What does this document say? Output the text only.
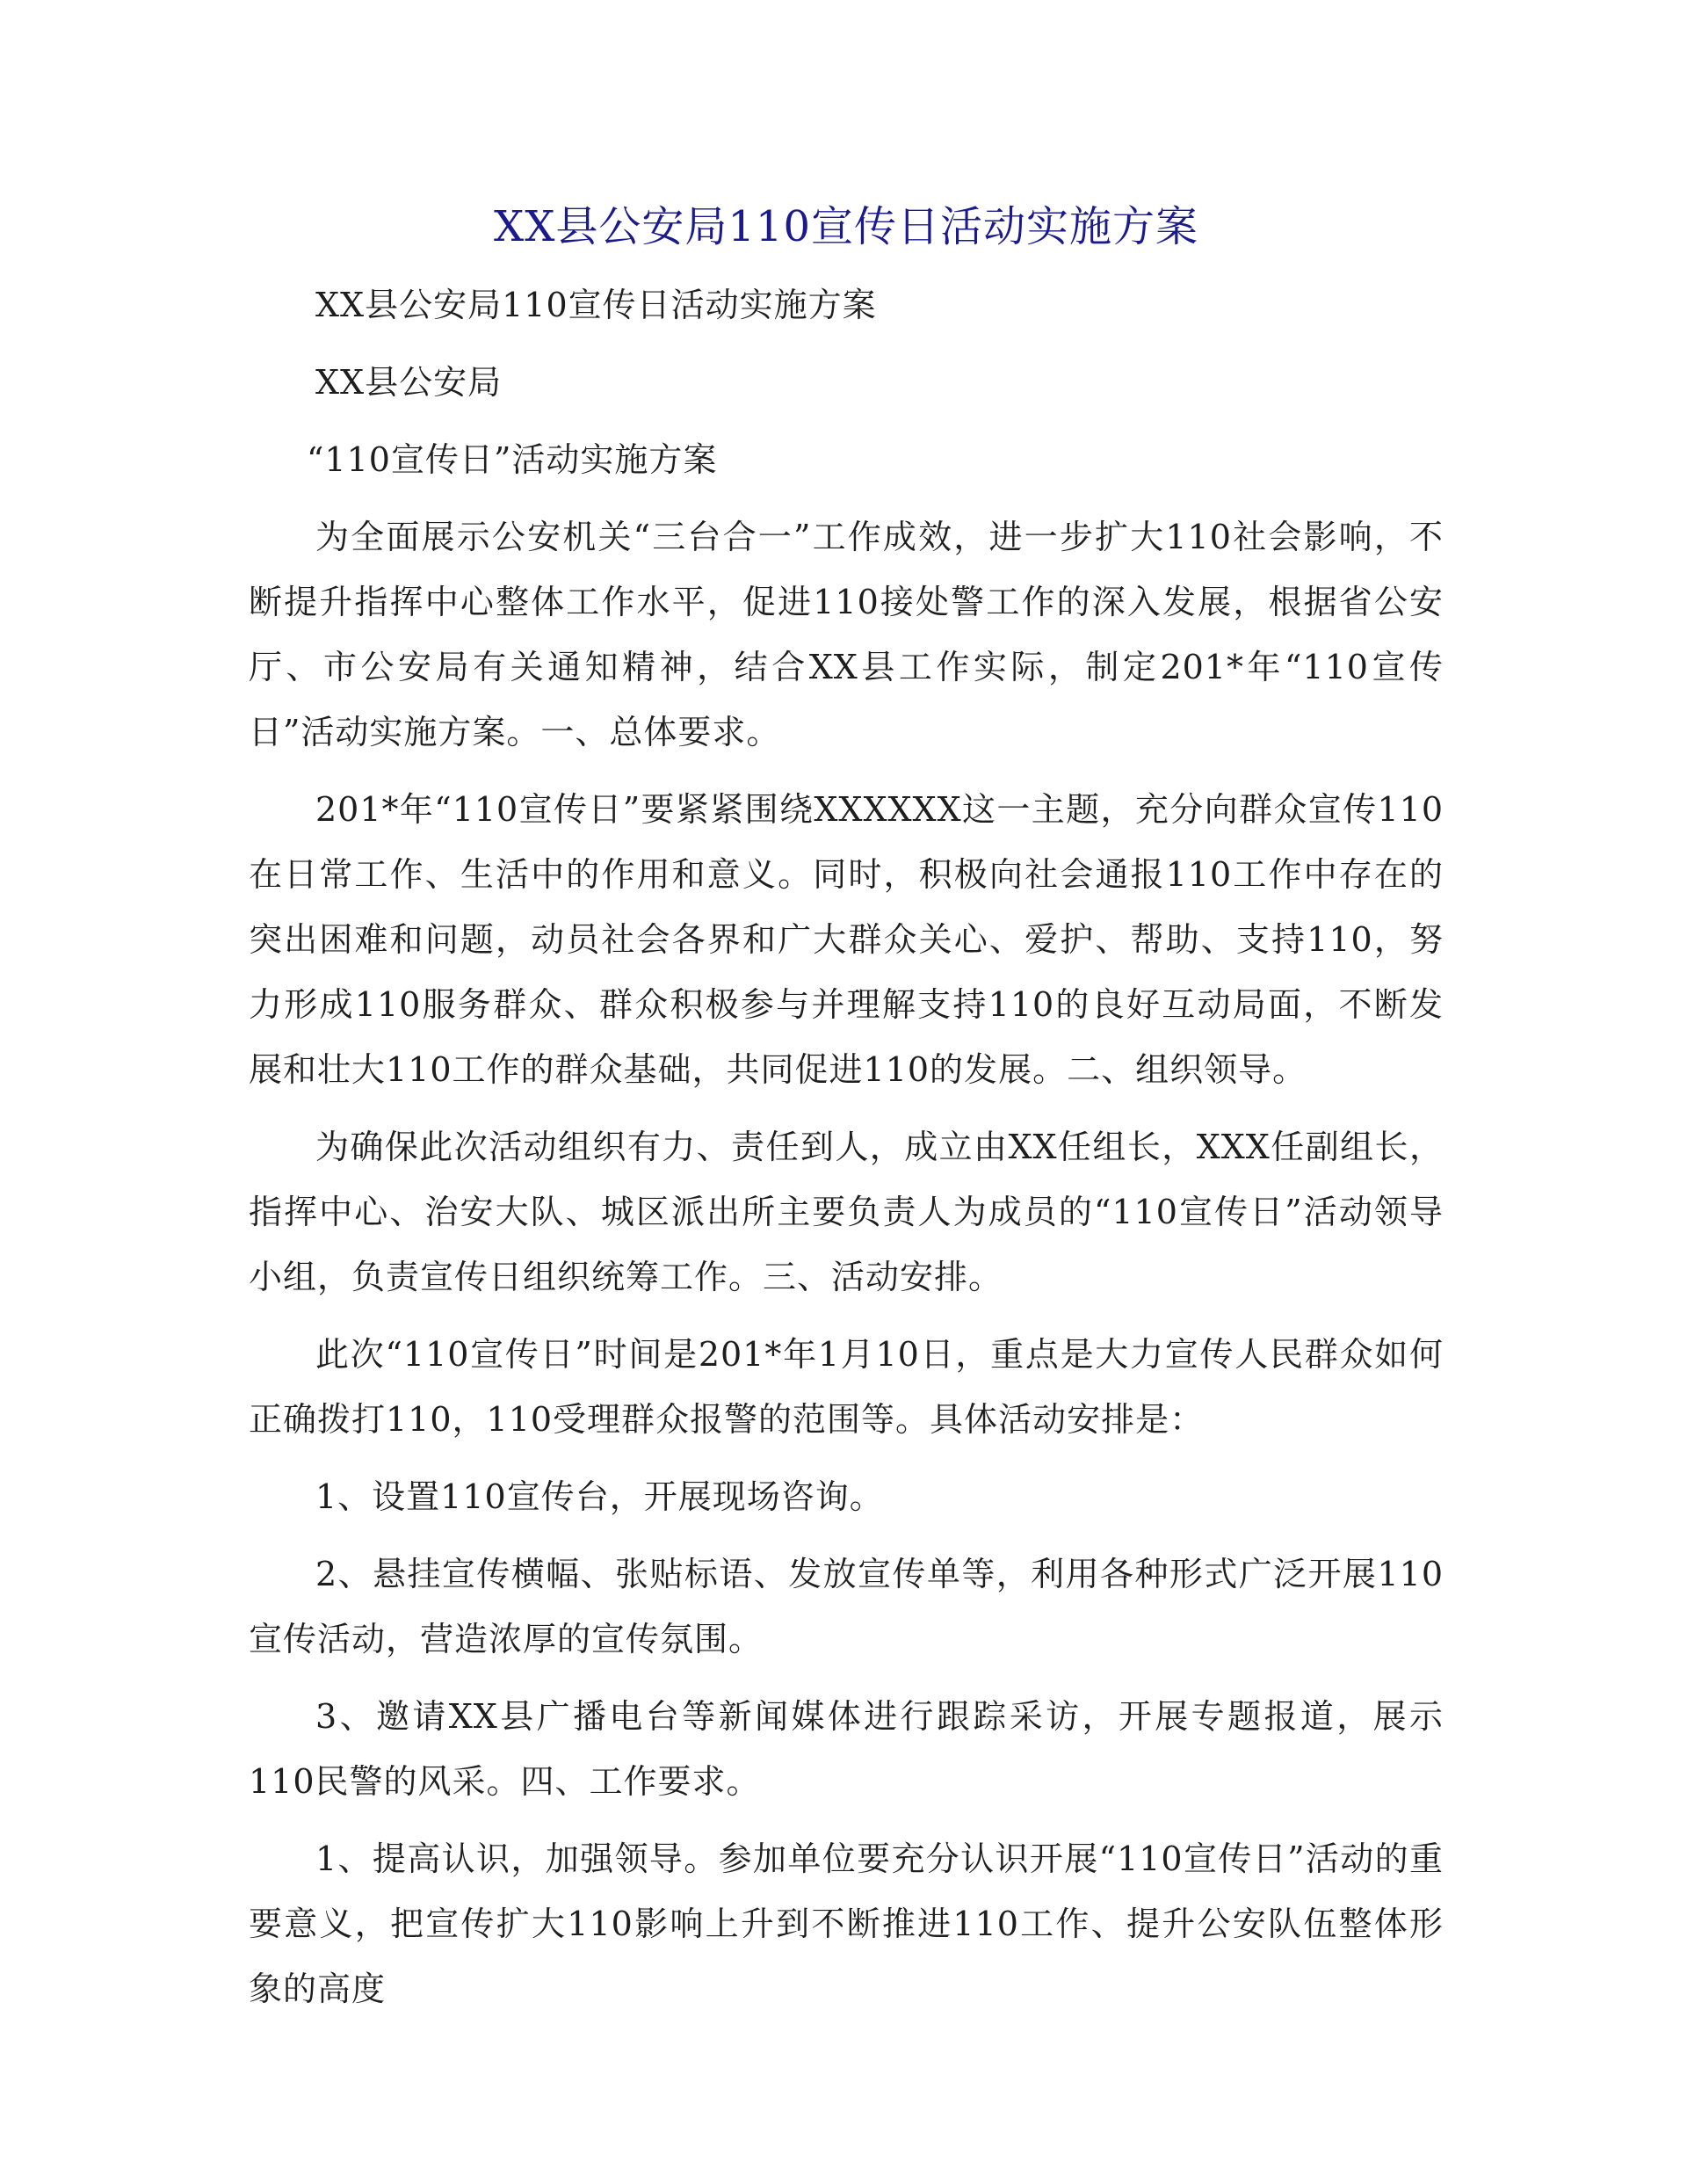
XX县公安局110宣传日活动实施方案

XX县公安局110宣传日活动实施方案

XX县公安局

“110宣传日”活动实施方案

为全面展示公安机关“三台合一”工作成效，进一步扩大110社会影响，不断提升指挥中心整体工作水平，促进110接处警工作的深入发展，根据省公安厅、市公安局有关通知精神，结合XX县工作实际，制定201*年“110宣传日”活动实施方案。一、总体要求。

201*年“110宣传日”要紧紧围绕XXXXXX这一主题，充分向群众宣传110在日常工作、生活中的作用和意义。同时，积极向社会通报110工作中存在的突出困难和问题，动员社会各界和广大群众关心、爱护、帮助、支持110，努力形成110服务群众、群众积极参与并理解支持110的良好互动局面，不断发展和壮大110工作的群众基础，共同促进110的发展。二、组织领导。

为确保此次活动组织有力、责任到人，成立由XX任组长，XXX任副组长，指挥中心、治安大队、城区派出所主要负责人为成员的“110宣传日”活动领导小组，负责宣传日组织统筹工作。三、活动安排。

此次“110宣传日”时间是201*年1月10日，重点是大力宣传人民群众如何正确拨打110，110受理群众报警的范围等。具体活动安排是：

1、设置110宣传台，开展现场咨询。

2、悬挂宣传横幅、张贴标语、发放宣传单等，利用各种形式广泛开展110宣传活动，营造浓厚的宣传氛围。

3、邀请XX县广播电台等新闻媒体进行跟踪采访，开展专题报道，展示110民警的风采。四、工作要求。

1、提高认识，加强领导。参加单位要充分认识开展“110宣传日”活动的重要意义，把宣传扩大110影响上升到不断推进110工作、提升公安队伍整体形象的高度
